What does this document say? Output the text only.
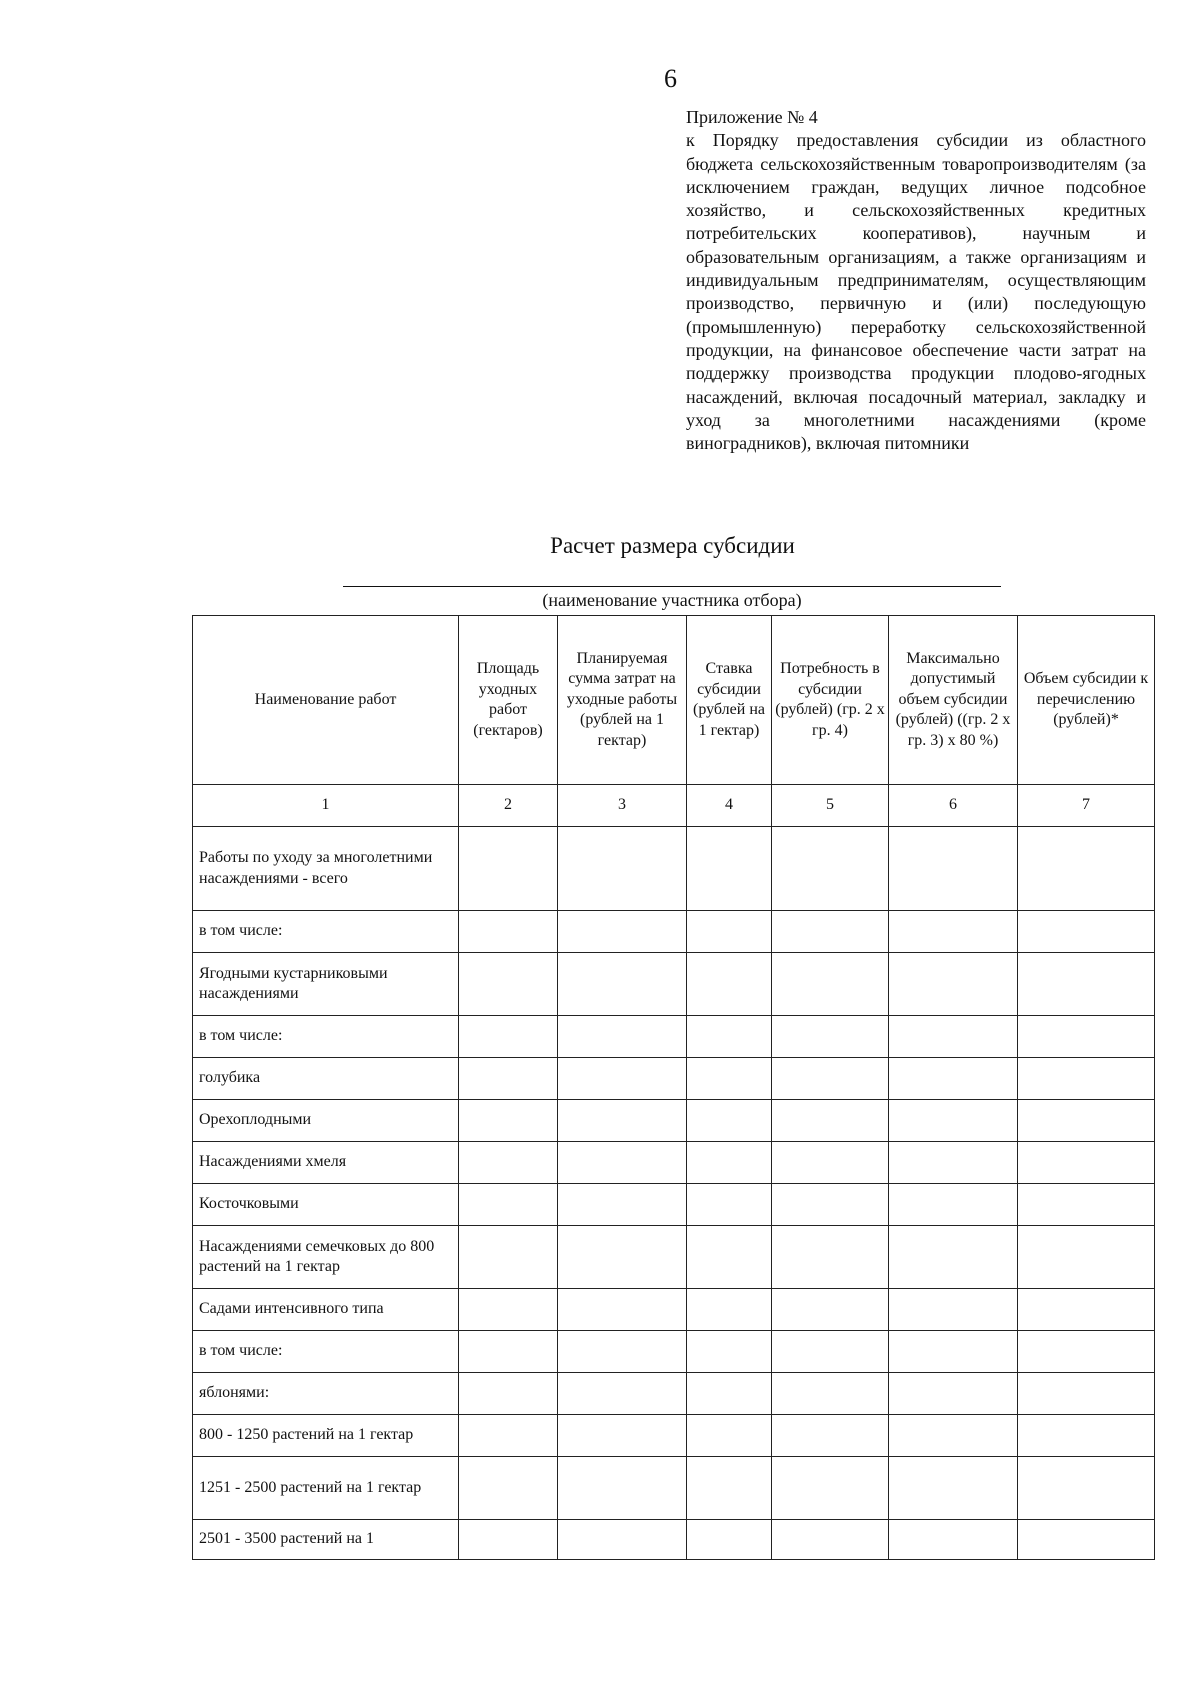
6
Приложение № 4
к Порядку предоставления субсидии из областного бюджета сельскохозяйственным товаропроизводителям (за исключением граждан, ведущих личное подсобное хозяйство, и сельскохозяйственных кредитных потребительских кооперативов), научным и образовательным организациям, а также организациям и индивидуальным предпринимателям, осуществляющим производство, первичную и (или) последующую (промышленную) переработку сельскохозяйственной продукции, на финансовое обеспечение части затрат на поддержку производства продукции плодово-ягодных насаждений, включая посадочный материал, закладку и уход за многолетними насаждениями (кроме виноградников), включая питомники
Расчет размера субсидии
(наименование участника отбора)
Наименование работ	Площадь уходных работ (гектаров)	Планируемая сумма затрат на уходные работы (рублей на 1 гектар)	Ставка субсидии (рублей на 1 гектар)	Потребность в субсидии (рублей) (гр. 2 x гр. 4)	Максимально допустимый объем субсидии (рублей) ((гр. 2 x гр. 3) x 80 %)	Объем субсидии к перечислению (рублей)*
1	2	3	4	5	6	7
Работы по уходу за многолетними насаждениями - всего						
в том числе:						
Ягодными кустарниковыми насаждениями						
в том числе:						
голубика						
Орехоплодными						
Насаждениями хмеля						
Косточковыми						
Насаждениями семечковых до 800 растений на 1 гектар						
Садами интенсивного типа						
в том числе:						
яблонями:						
800 - 1250 растений на 1 гектар						
1251 - 2500 растений на 1 гектар						
2501 - 3500 растений на 1						
